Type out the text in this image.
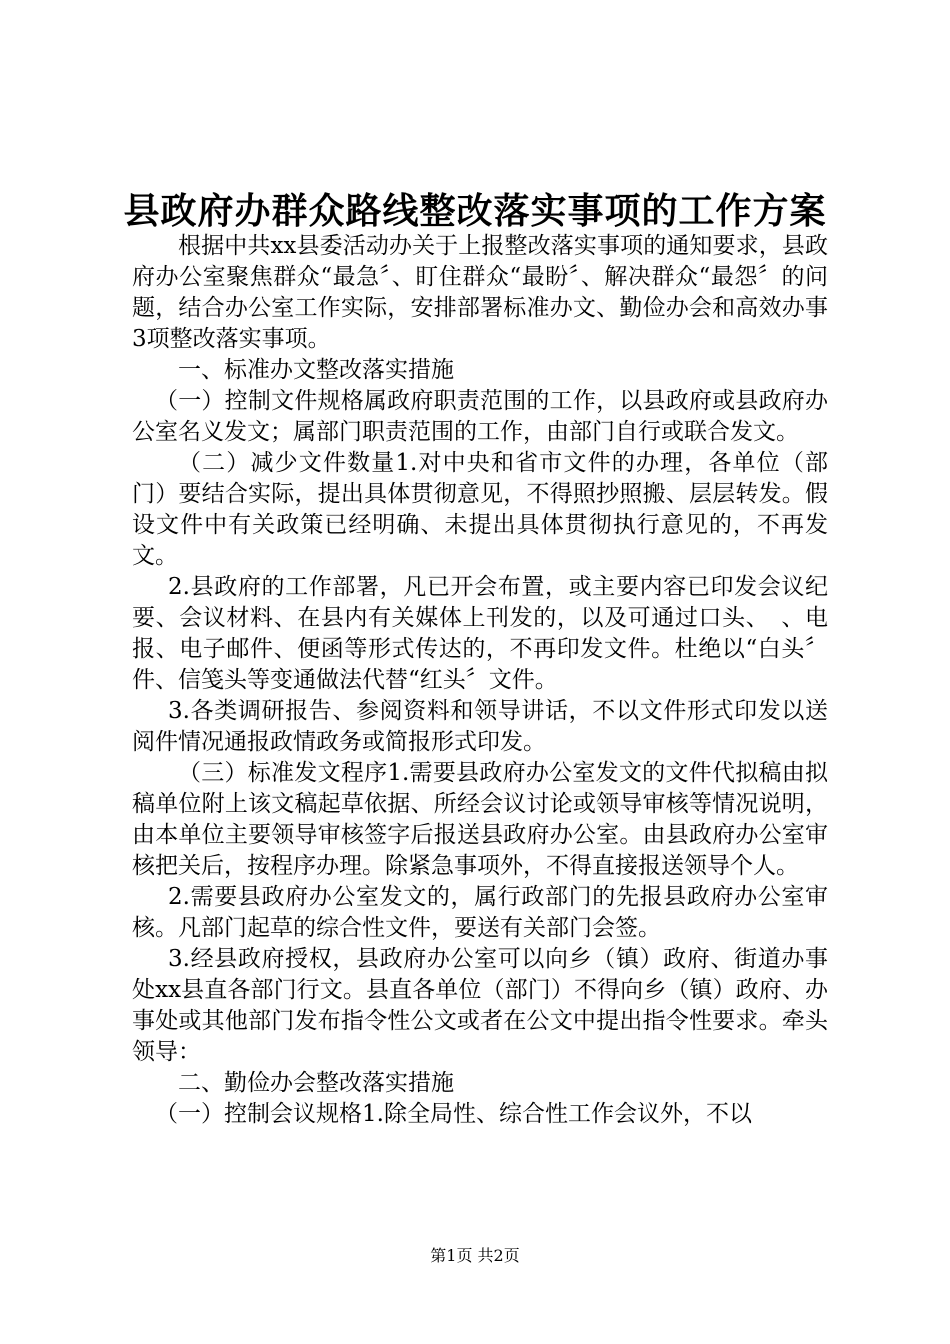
县政府办群众路线整改落实事项的工作方案

根据中共xx县委活动办关于上报整改落实事项的通知要求，县政府办公室聚焦群众“最急〞、盯住群众“最盼〞、解决群众“最怨〞的问题，结合办公室工作实际，安排部署标准办文、勤俭办会和高效办事3项整改落实事项。

一、标准办文整改落实措施

（一）控制文件规格属政府职责范围的工作，以县政府或县政府办公室名义发文；属部门职责范围的工作，由部门自行或联合发文。

（二）减少文件数量1.对中央和省市文件的办理，各单位（部门）要结合实际，提出具体贯彻意见，不得照抄照搬、层层转发。假设文件中有关政策已经明确、未提出具体贯彻执行意见的，不再发文。

2.县政府的工作部署，凡已开会布置，或主要内容已印发会议纪要、会议材料、在县内有关媒体上刊发的，以及可通过口头、　、电报、电子邮件、便函等形式传达的，不再印发文件。杜绝以“白头〞件、信笺头等变通做法代替“红头〞文件。

3.各类调研报告、参阅资料和领导讲话，不以文件形式印发以送阅件情况通报政情政务或简报形式印发。

（三）标准发文程序1.需要县政府办公室发文的文件代拟稿由拟稿单位附上该文稿起草依据、所经会议讨论或领导审核等情况说明，由本单位主要领导审核签字后报送县政府办公室。由县政府办公室审核把关后，按程序办理。除紧急事项外，不得直接报送领导个人。

2.需要县政府办公室发文的，属行政部门的先报县政府办公室审核。凡部门起草的综合性文件，要送有关部门会签。

3.经县政府授权，县政府办公室可以向乡（镇）政府、街道办事处xx县直各部门行文。县直各单位（部门）不得向乡（镇）政府、办事处或其他部门发布指令性公文或者在公文中提出指令性要求。牵头领导：

二、勤俭办会整改落实措施

（一）控制会议规格1.除全局性、综合性工作会议外，不以

第1页 共2页
